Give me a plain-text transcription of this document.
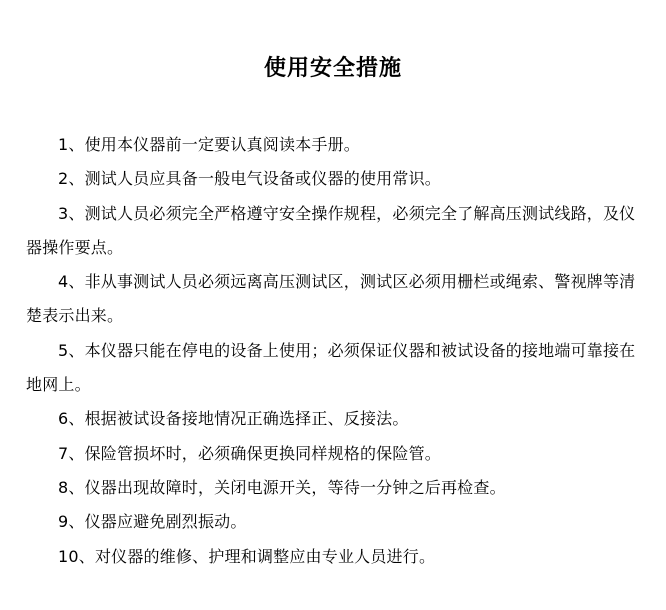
使用安全措施

1、使用本仪器前一定要认真阅读本手册。

2、测试人员应具备一般电气设备或仪器的使用常识。

3、测试人员必须完全严格遵守安全操作规程，必须完全了解高压测试线路，及仪器操作要点。

4、非从事测试人员必须远离高压测试区，测试区必须用栅栏或绳索、警视牌等清楚表示出来。

5、本仪器只能在停电的设备上使用；必须保证仪器和被试设备的接地端可靠接在地网上。

6、根据被试设备接地情况正确选择正、反接法。

7、保险管损坏时，必须确保更换同样规格的保险管。

8、仪器出现故障时，关闭电源开关，等待一分钟之后再检查。

9、仪器应避免剧烈振动。

10、对仪器的维修、护理和调整应由专业人员进行。
